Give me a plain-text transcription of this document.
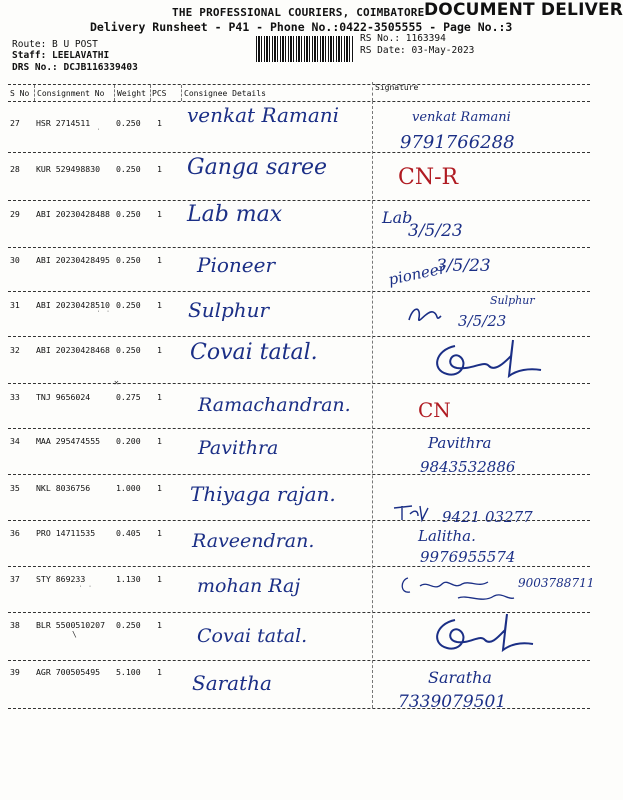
THE PROFESSIONAL COURIERS, COIMBATORE DOCUMENT DELIVER
Delivery Runsheet - P41 - Phone No.:0422-3505555 - Page No.:3
Route: B U POST
Staff: LEELAVATHI
DRS No.: DCJB116339403
RS No.: 1163394
RS Date: 03-May-2023
S No Consignment No Weight PCS Consignee Details
Signature
27 HSR 2714511	0.250 1 venkat Ramani	venkat Ramani
9791766288
28 KUR 529498830 0.250 1 Ganga saree	CN-R
29 ABI 20230428488 0.250 1 Lab max	Lab
3/5/23
30 ABI 20230428495 0.250 1 Pioneer	pioneer
3/5/23
31 ABI 20230428510 0.250 1 Sulphur	Sulphur
3/5/23
32 ABI 20230428468 0.250 1 Covai tatal.
33 TNJ 9656024	0.275 1 Ramachandran.	CN
34 MAA 295474555 0.200 1 Pavithra	Pavithra
9843532886
35 NKL 8036756	1.000 1 Thiyaga rajan.
9421 03277
36 PRO 14711535	0.405 1 Raveendran.	Lalitha.
9976955574
37 STY 869233	1.130 1 mohan Raj	9003788711
38 BLR 5500510207 0.250 1 Covai tatal.
39 AGR 700505495 5.100 1 Saratha	Saratha
7339079501
˙
˙ ˙
✕
˙ ˙
\
